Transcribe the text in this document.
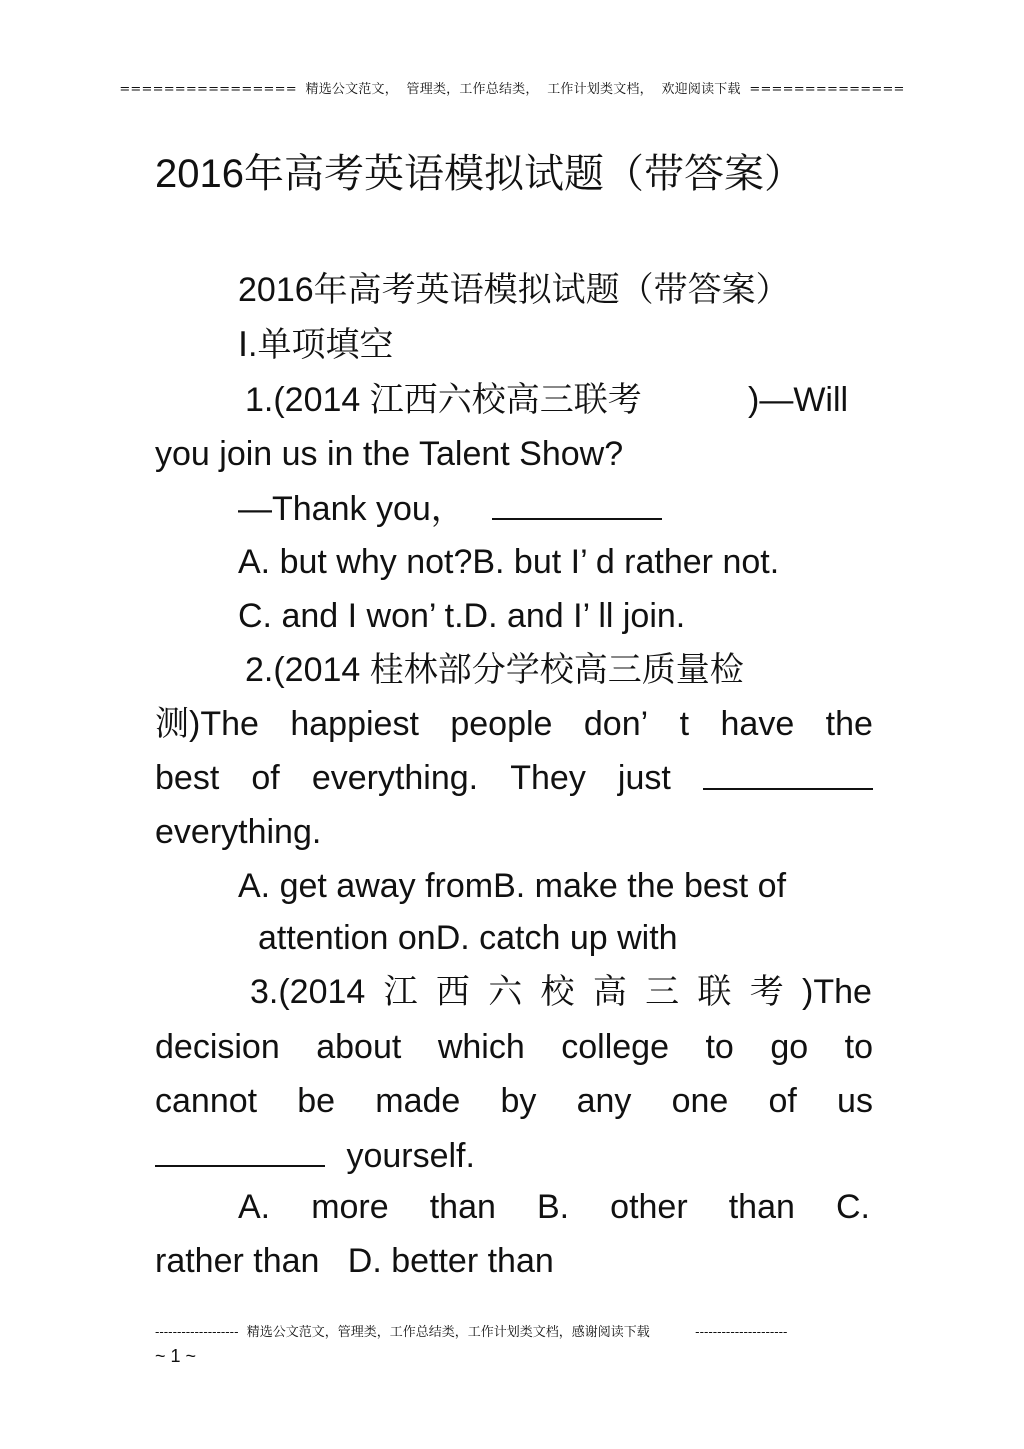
================  精选公文范文，  管理类，工作总结类，  工作计划类文档，  欢迎阅读下载  ==============
2016年高考英语模拟试题（带答案）
2016年高考英语模拟试题（带答案）
Ⅰ.单项填空
1.(2014 江西六校高三联考	)—Will
you join us in the Talent Show?
—Thank you，
A. but why not?B. but I’ d rather not.
C. and I won’ t.D. and I’ ll join.
2.(2014 桂林部分学校高三质量检
测)The happiest people don’ t have the
best of everything. They just
everything.
A. get away fromB. make the best of
attention onD. catch up with
3.(2014 江 西 六 校 高 三 联 考 )The
decision about which college to go to
cannot be made by any one of us
yourself.
A. more than B. other than C.
rather than   D. better than
-------------------  精选公文范文，管理类，工作总结类，工作计划类文档，感谢阅读下载           ---------------------
~ 1 ~
